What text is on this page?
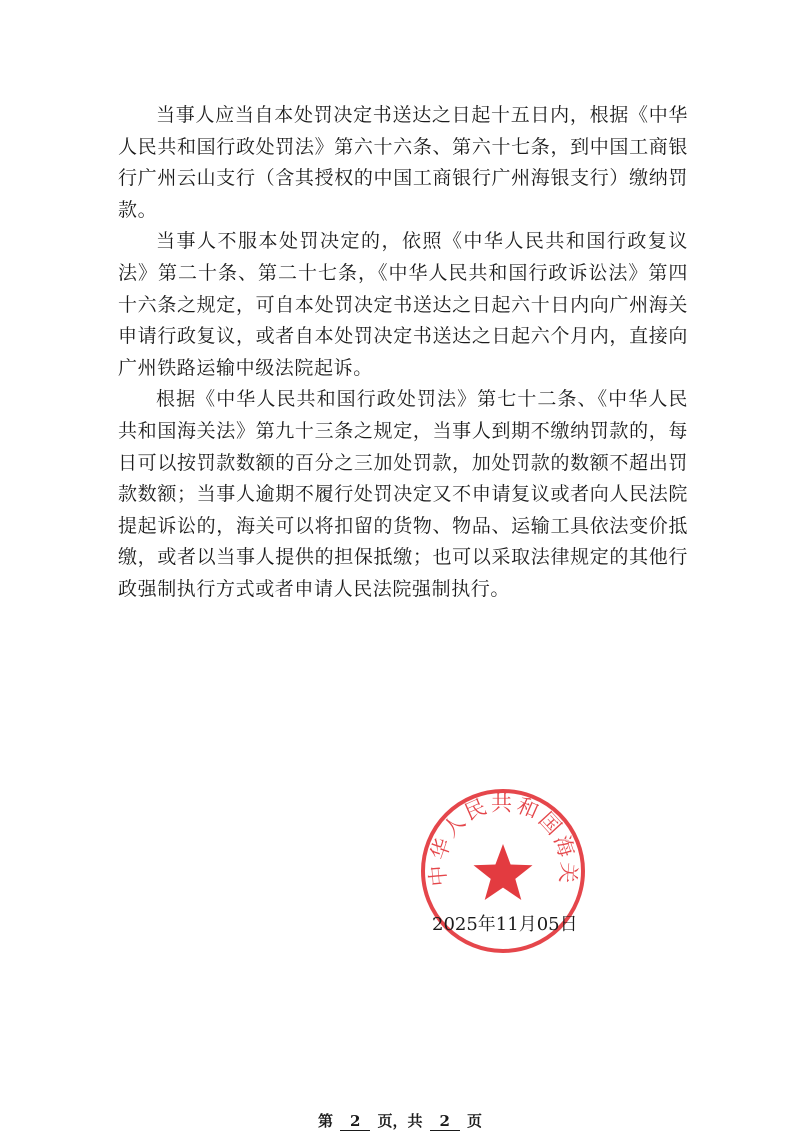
当事人应当自本处罚决定书送达之日起十五日内，根据《中华人民共和国行政处罚法》第六十六条、第六十七条，到中国工商银行广州云山支行（含其授权的中国工商银行广州海银支行）缴纳罚款。

当事人不服本处罚决定的，依照《中华人民共和国行政复议法》第二十条、第二十七条，《中华人民共和国行政诉讼法》第四十六条之规定，可自本处罚决定书送达之日起六十日内向广州海关申请行政复议，或者自本处罚决定书送达之日起六个月内，直接向广州铁路运输中级法院起诉。

根据《中华人民共和国行政处罚法》第七十二条、《中华人民共和国海关法》第九十三条之规定，当事人到期不缴纳罚款的，每日可以按罚款数额的百分之三加处罚款，加处罚款的数额不超出罚款数额；当事人逾期不履行处罚决定又不申请复议或者向人民法院提起诉讼的，海关可以将扣留的货物、物品、运输工具依法变价抵缴，或者以当事人提供的担保抵缴；也可以采取法律规定的其他行政强制执行方式或者申请人民法院强制执行。

中华人民共和国海关
2025年11月05日
第 2 页，共 2 页
